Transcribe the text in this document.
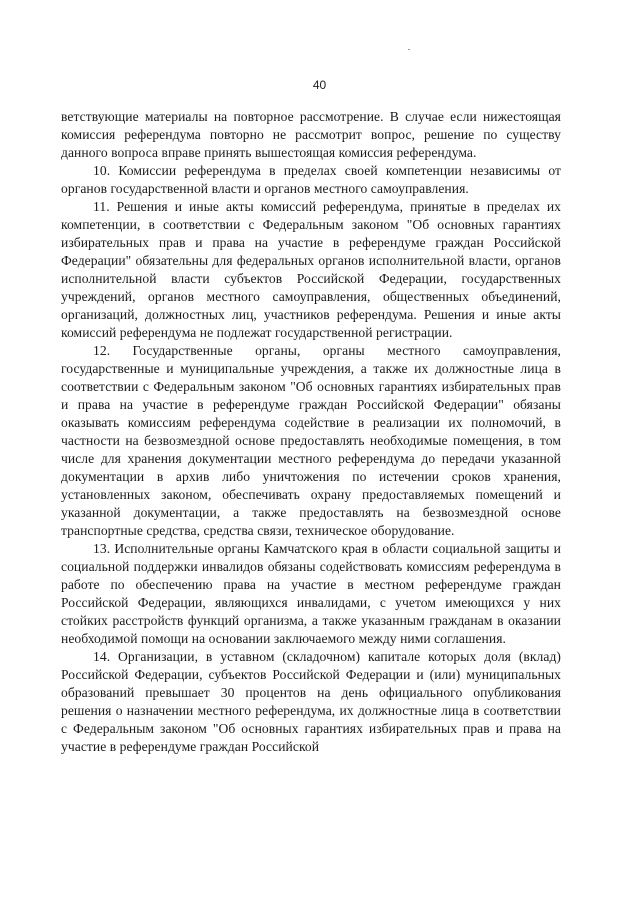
40

ветствующие материалы на повторное рассмотрение. В случае если нижестоящая комиссия референдума повторно не рассмотрит вопрос, решение по существу данного вопроса вправе принять вышестоящая комиссия референдума.

10. Комиссии референдума в пределах своей компетенции независимы от органов государственной власти и органов местного самоуправления.

11. Решения и иные акты комиссий референдума, принятые в пределах их компетенции, в соответствии с Федеральным законом "Об основных гарантиях избирательных прав и права на участие в референдуме граждан Российской Федерации" обязательны для федеральных органов исполнительной власти, органов исполнительной власти субъектов Российской Федерации, государственных учреждений, органов местного самоуправления, общественных объединений, организаций, должностных лиц, участников референдума. Решения и иные акты комиссий референдума не подлежат государственной регистрации.

12. Государственные органы, органы местного самоуправления, государственные и муниципальные учреждения, а также их должностные лица в соответствии с Федеральным законом "Об основных гарантиях избирательных прав и права на участие в референдуме граждан Российской Федерации" обязаны оказывать комиссиям референдума содействие в реализации их полномочий, в частности на безвозмездной основе предоставлять необходимые помещения, в том числе для хранения документации местного референдума до передачи указанной документации в архив либо уничтожения по истечении сроков хранения, установленных законом, обеспечивать охрану предоставляемых помещений и указанной документации, а также предоставлять на безвозмездной основе транспортные средства, средства связи, техническое оборудование.

13. Исполнительные органы Камчатского края в области социальной защиты и социальной поддержки инвалидов обязаны содействовать комиссиям референдума в работе по обеспечению права на участие в местном референдуме граждан Российской Федерации, являющихся инвалидами, с учетом имеющихся у них стойких расстройств функций организма, а также указанным гражданам в оказании необходимой помощи на основании заключаемого между ними соглашения.

14. Организации, в уставном (складочном) капитале которых доля (вклад) Российской Федерации, субъектов Российской Федерации и (или) муниципальных образований превышает 30 процентов на день официального опубликования решения о назначении местного референдума, их должностные лица в соответствии с Федеральным законом "Об основных гарантиях избирательных прав и права на участие в референдуме граждан Российской
